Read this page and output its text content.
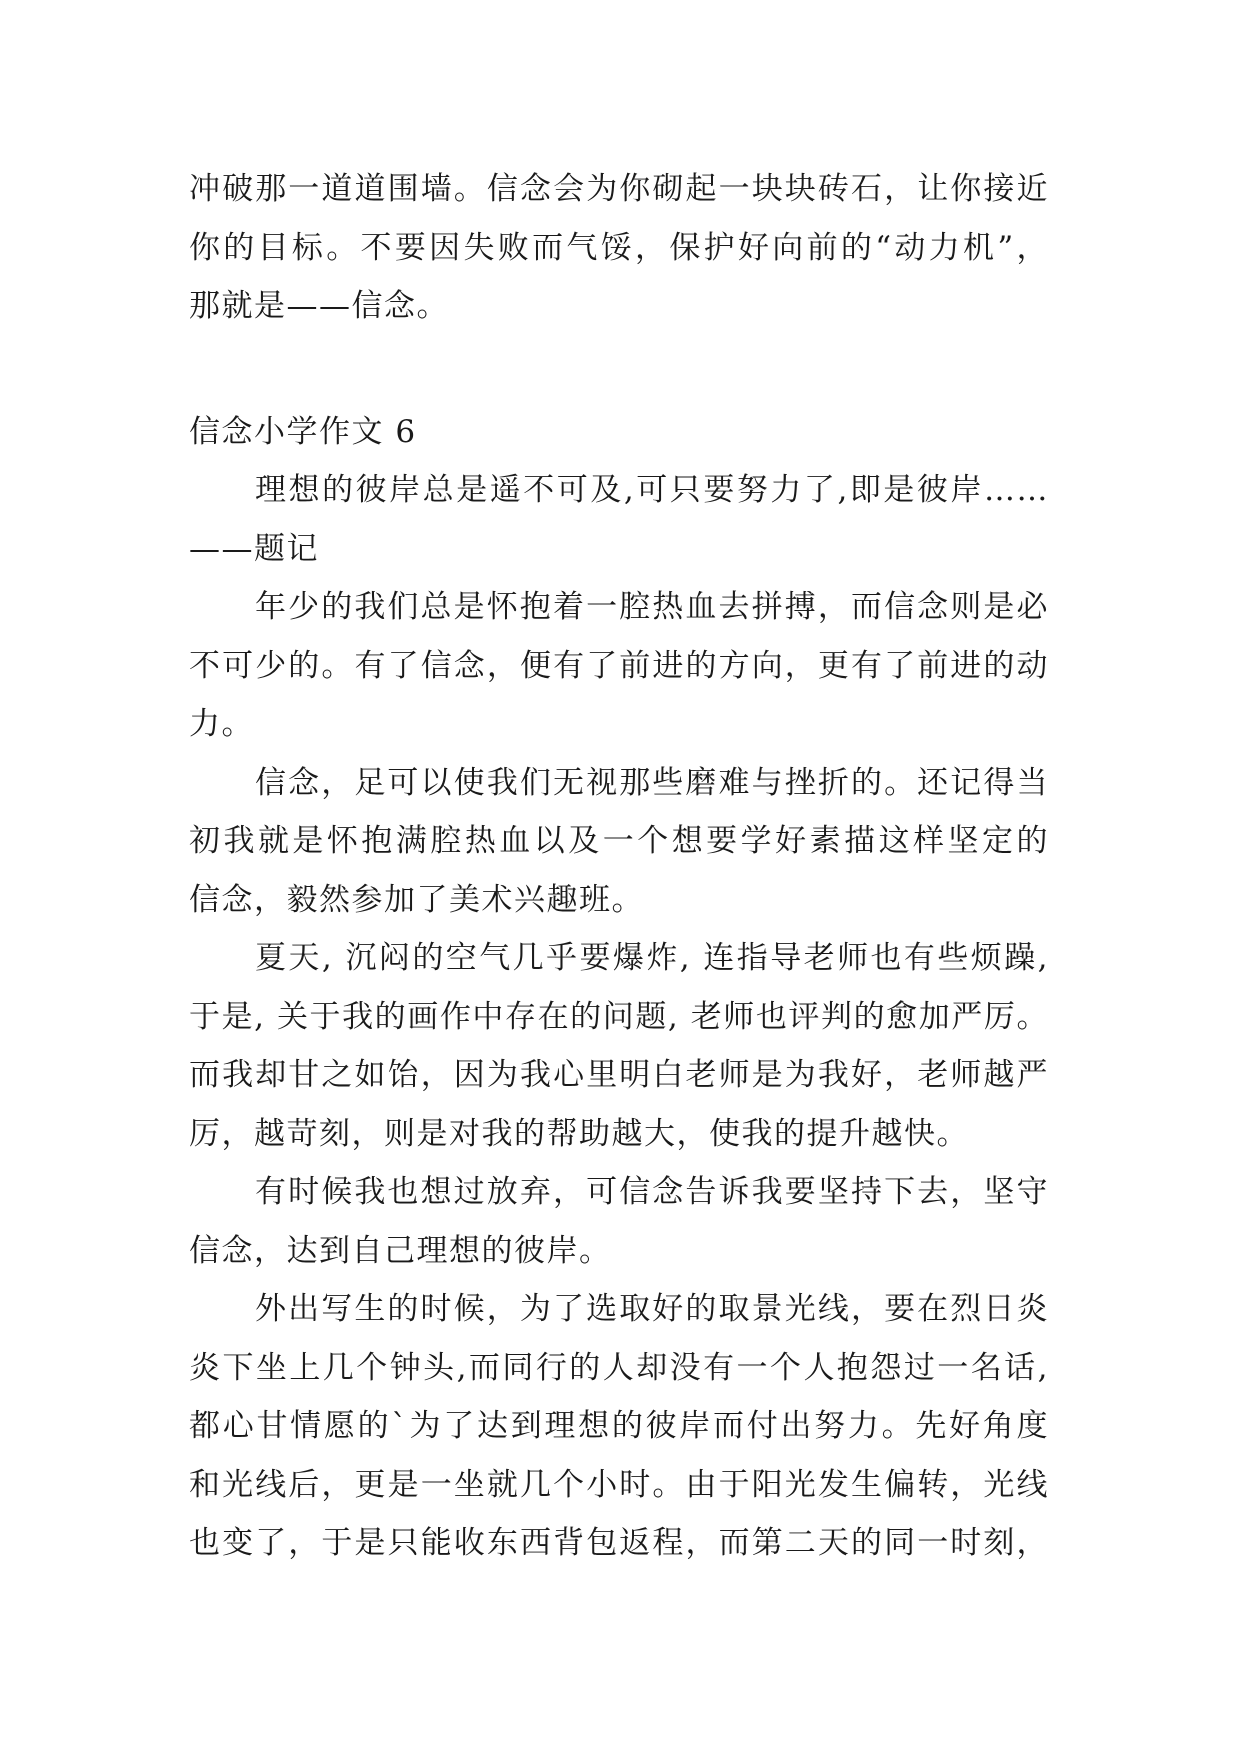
冲破那一道道围墙。信念会为你砌起一块块砖石，让你接近
你的目标。不要因失败而气馁，保护好向前的“动力机”，
那就是——信念。
信念小学作文 6
理想的彼岸总是遥不可及,可只要努力了,即是彼岸……
——题记
年少的我们总是怀抱着一腔热血去拼搏，而信念则是必
不可少的。有了信念，便有了前进的方向，更有了前进的动
力。
信念，足可以使我们无视那些磨难与挫折的。还记得当
初我就是怀抱满腔热血以及一个想要学好素描这样坚定的
信念，毅然参加了美术兴趣班。
夏天, 沉闷的空气几乎要爆炸, 连指导老师也有些烦躁,
于是, 关于我的画作中存在的问题, 老师也评判的愈加严厉。
而我却甘之如饴，因为我心里明白老师是为我好，老师越严
厉，越苛刻，则是对我的帮助越大，使我的提升越快。
有时候我也想过放弃，可信念告诉我要坚持下去，坚守
信念，达到自己理想的彼岸。
外出写生的时候，为了选取好的取景光线，要在烈日炎
炎下坐上几个钟头,而同行的人却没有一个人抱怨过一名话,
都心甘情愿的`为了达到理想的彼岸而付出努力。先好角度
和光线后，更是一坐就几个小时。由于阳光发生偏转，光线
也变了，于是只能收东西背包返程，而第二天的同一时刻，
